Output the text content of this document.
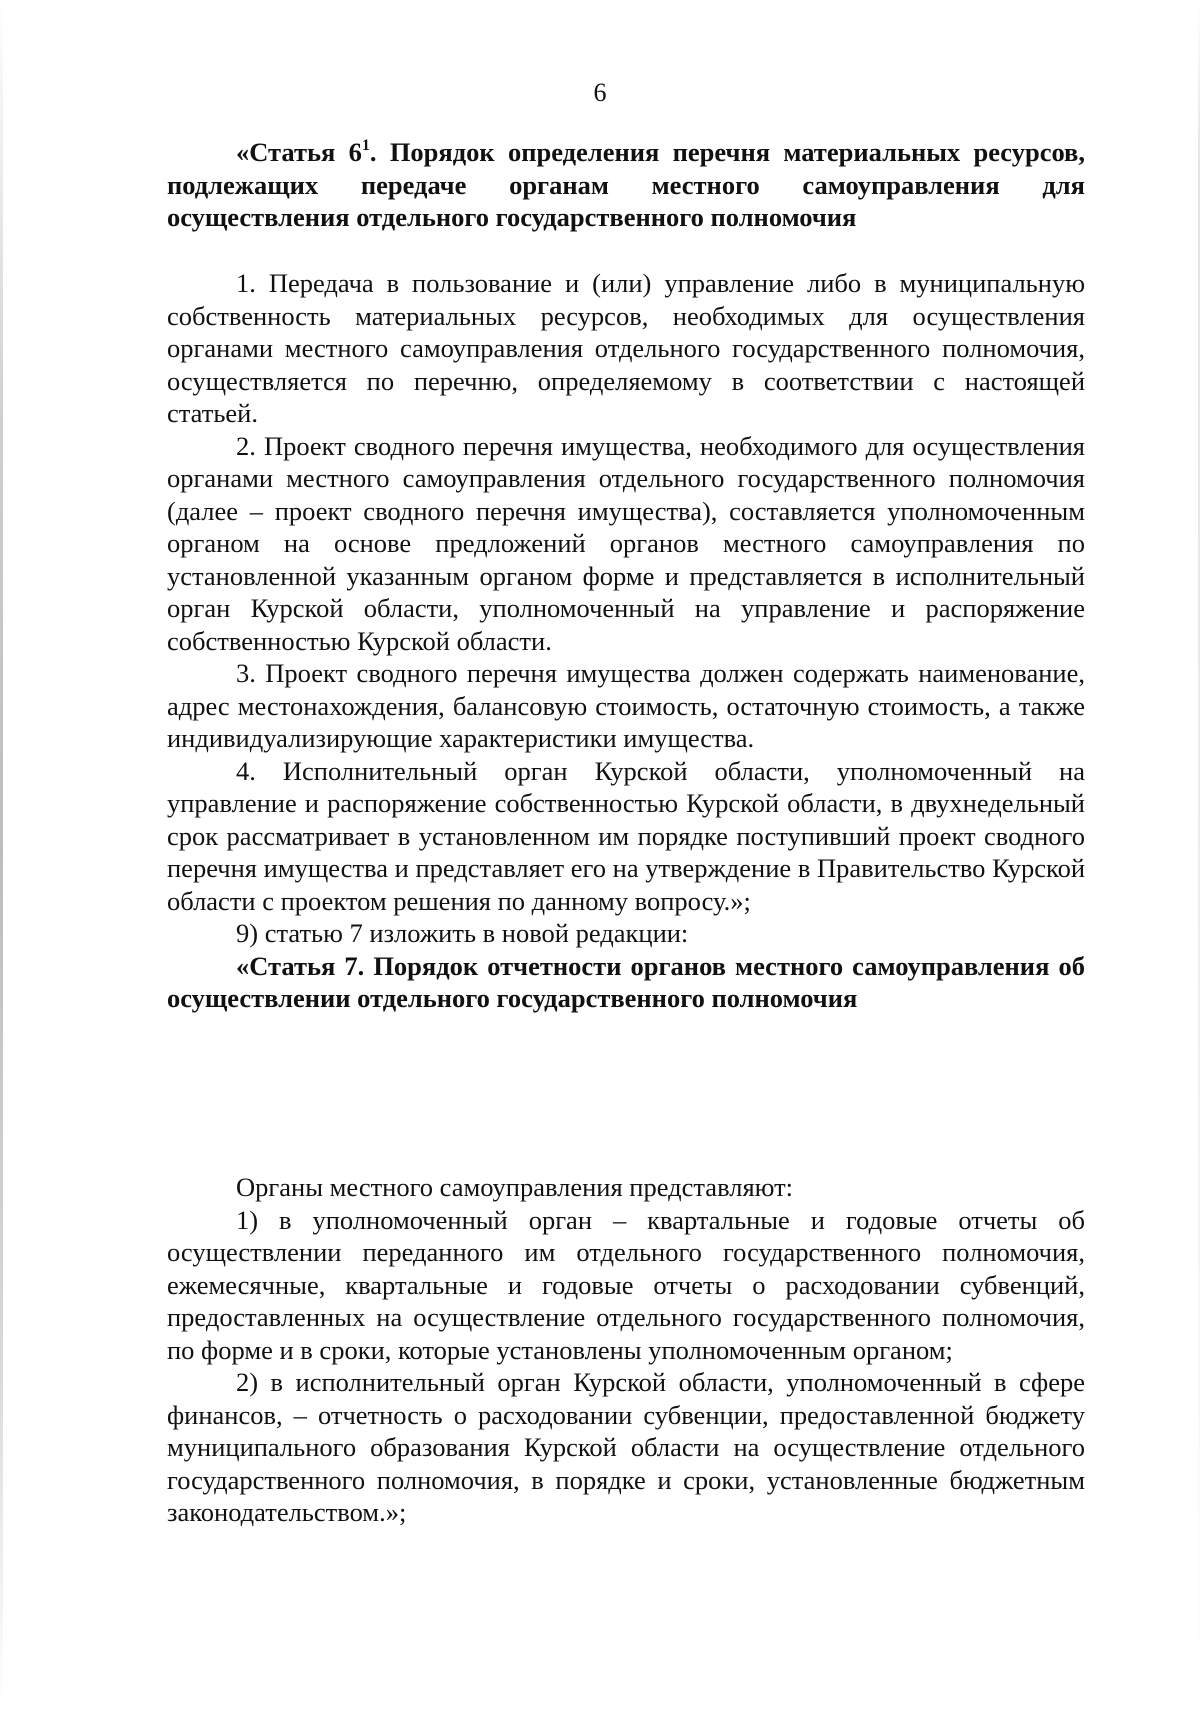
6

«Статья $6^1$. Порядок определения перечня материальных ресурсов, подлежащих передаче органам местного самоуправления для осуществления отдельного государственного полномочия

1. Передача в пользование и (или) управление либо в муниципальную собственность материальных ресурсов, необходимых для осуществления органами местного самоуправления отдельного государственного полномочия, осуществляется по перечню, определяемому в соответствии с настоящей статьей.

2. Проект сводного перечня имущества, необходимого для осуществления органами местного самоуправления отдельного государственного полномочия (далее – проект сводного перечня имущества), составляется уполномоченным органом на основе предложений органов местного самоуправления по установленной указанным органом форме и представляется в исполнительный орган Курской области, уполномоченный на управление и распоряжение собственностью Курской области.

3. Проект сводного перечня имущества должен содержать наименование, адрес местонахождения, балансовую стоимость, остаточную стоимость, а также индивидуализирующие характеристики имущества.

4. Исполнительный орган Курской области, уполномоченный на управление и распоряжение собственностью Курской области, в двухнедельный срок рассматривает в установленном им порядке поступивший проект сводного перечня имущества и представляет его на утверждение в Правительство Курской области с проектом решения по данному вопросу.»;

9) статью 7 изложить в новой редакции:

«Статья 7. Порядок отчетности органов местного самоуправления об осуществлении отдельного государственного полномочия

Органы местного самоуправления представляют:

1) в уполномоченный орган – квартальные и годовые отчеты об осуществлении переданного им отдельного государственного полномочия, ежемесячные, квартальные и годовые отчеты о расходовании субвенций, предоставленных на осуществление отдельного государственного полномочия, по форме и в сроки, которые установлены уполномоченным органом;

2) в исполнительный орган Курской области, уполномоченный в сфере финансов, – отчетность о расходовании субвенции, предоставленной бюджету муниципального образования Курской области на осуществление отдельного государственного полномочия, в порядке и сроки, установленные бюджетным законодательством.»;
